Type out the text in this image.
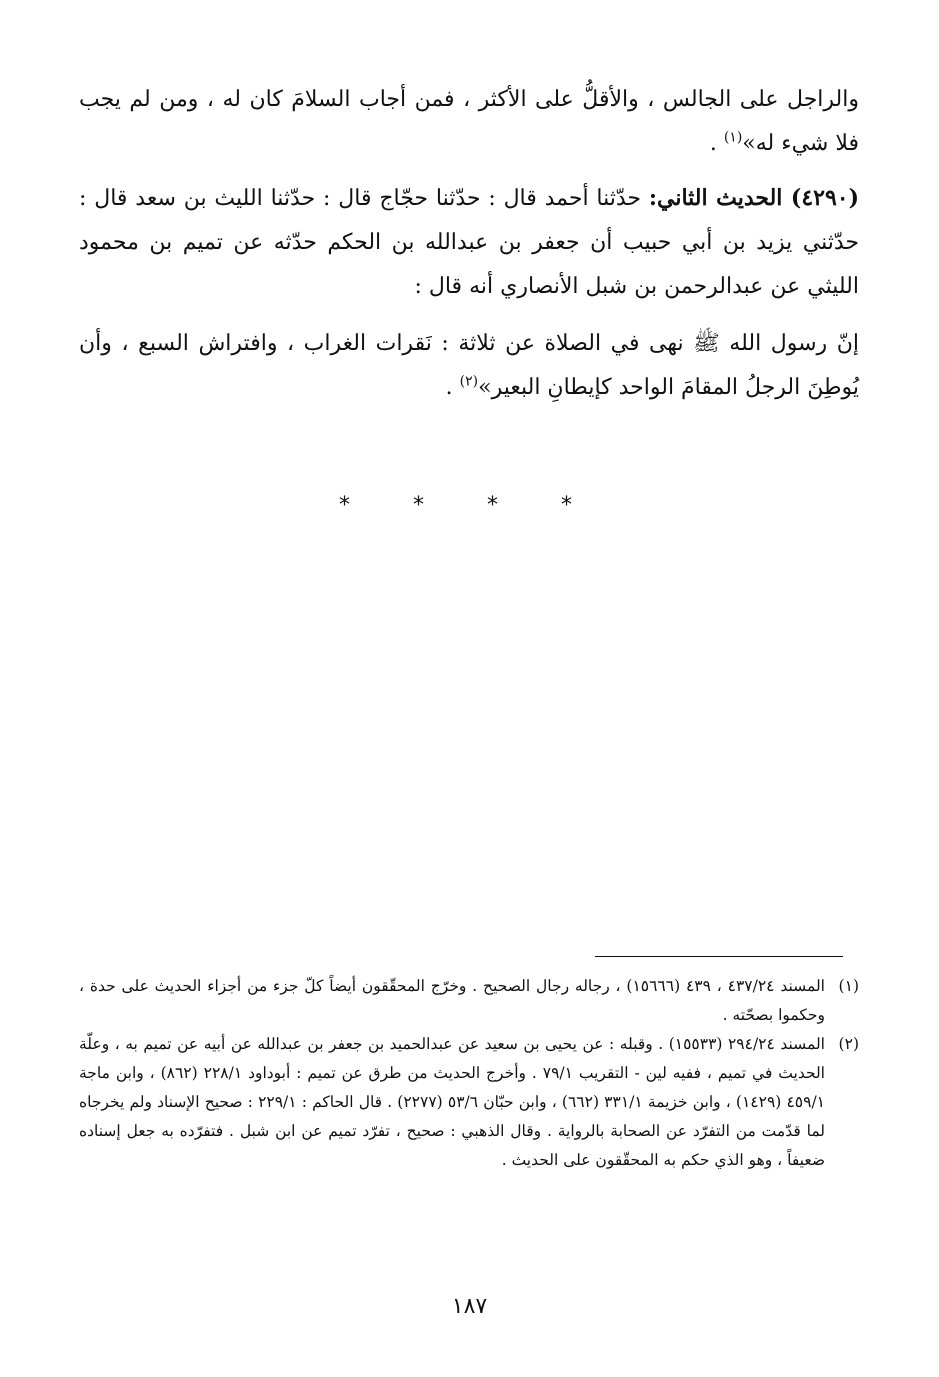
والراجل على الجالس ، والأقلُّ على الأكثر ، فمن أجاب السلامَ كان له ، ومن لم يجب فلا شيء له»$^{(١)}$ .

(٤٢٩٠) الحديث الثاني: حدّثنا أحمد قال : حدّثنا حجّاج قال : حدّثنا الليث بن سعد قال : حدّثني يزيد بن أبي حبيب أن جعفر بن عبدالله بن الحكم حدّثه عن تميم بن محمود الليثي عن عبدالرحمن بن شبل الأنصاري أنه قال :

إنّ رسول الله ﷺ نهى في الصلاة عن ثلاثة : نَقرات الغراب ، وافتراش السبع ، وأن يُوطِنَ الرجلُ المقامَ الواحد كإيطانِ البعير»$^{(٢)}$ .

* * * *

(١)المسند ٤٣٧/٢٤ ، ٤٣٩ (١٥٦٦٦) ، رجاله رجال الصحيح . وخرّج المحقّقون أيضاً كلّ جزء من أجزاء الحديث على حدة ، وحكموا بصحّته .

(٢)المسند ٢٩٤/٢٤ (١٥٥٣٣) . وقبله : عن يحيى بن سعيد عن عبدالحميد بن جعفر بن عبدالله عن أبيه عن تميم به ، وعلّة الحديث في تميم ، ففيه لين - التقريب ٧٩/١ . وأخرج الحديث من طرق عن تميم : أبوداود ٢٢٨/١ (٨٦٢) ، وابن ماجة ٤٥٩/١ (١٤٢٩) ، وابن خزيمة ٣٣١/١ (٦٦٢) ، وابن حبّان ٥٣/٦ (٢٢٧٧) . قال الحاكم : ٢٢٩/١ : صحيح الإسناد ولم يخرجاه لما قدّمت من التفرّد عن الصحابة بالرواية . وقال الذهبي : صحيح ، تفرّد تميم عن ابن شبل . فتفرّده به جعل إسناده ضعيفاً ، وهو الذي حكم به المحقّقون على الحديث .

١٨٧
